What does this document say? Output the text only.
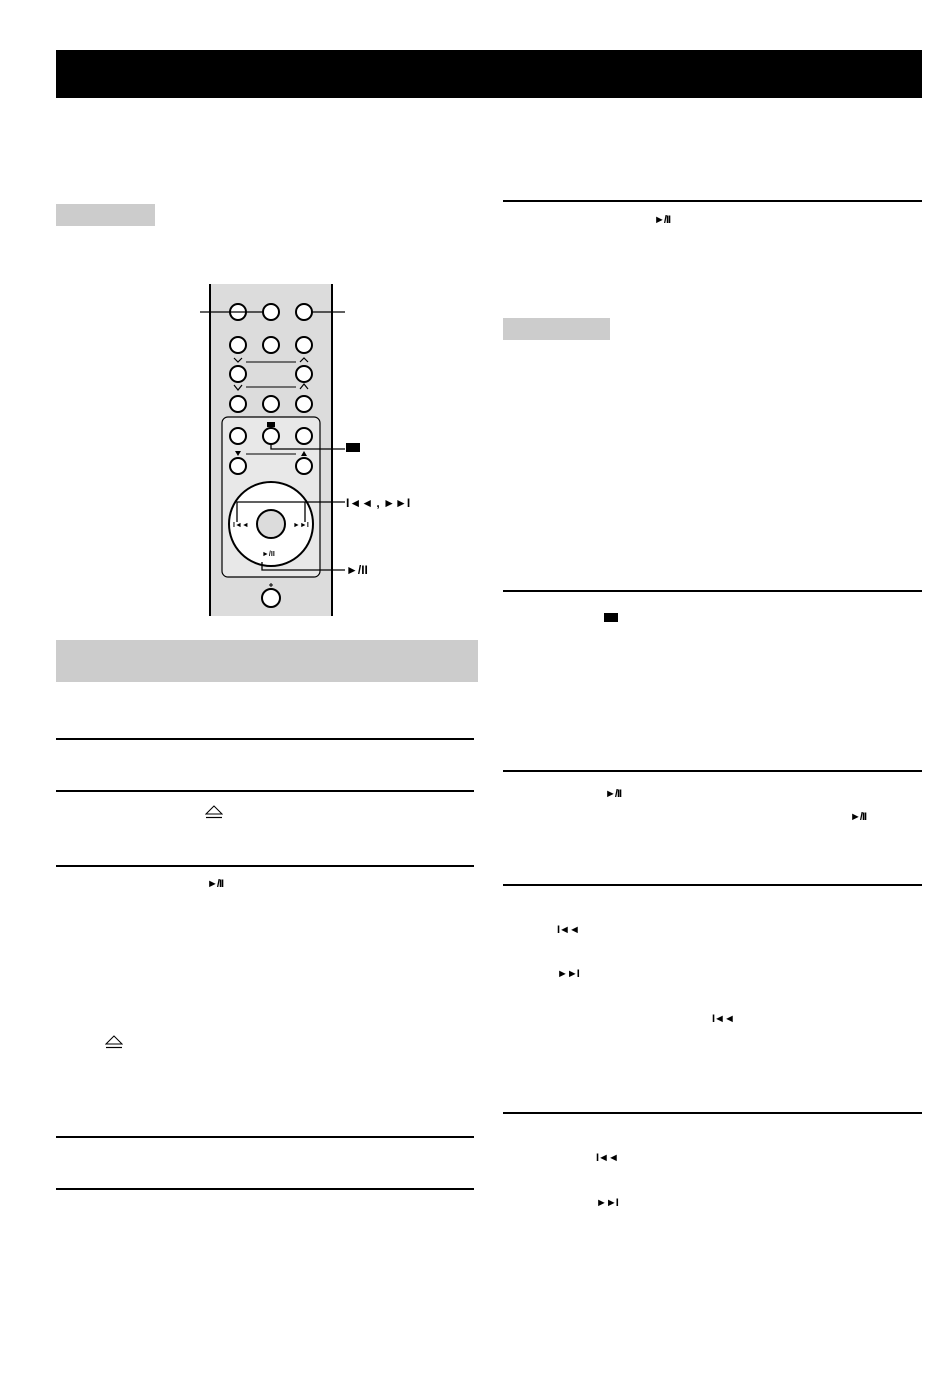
I◄◄	►►I
►/II
I◄◄ , ►►I
►/II
►/II
►/II
►/II
►/II
I◄◄
►►I
I◄◄
I◄◄
►►I
